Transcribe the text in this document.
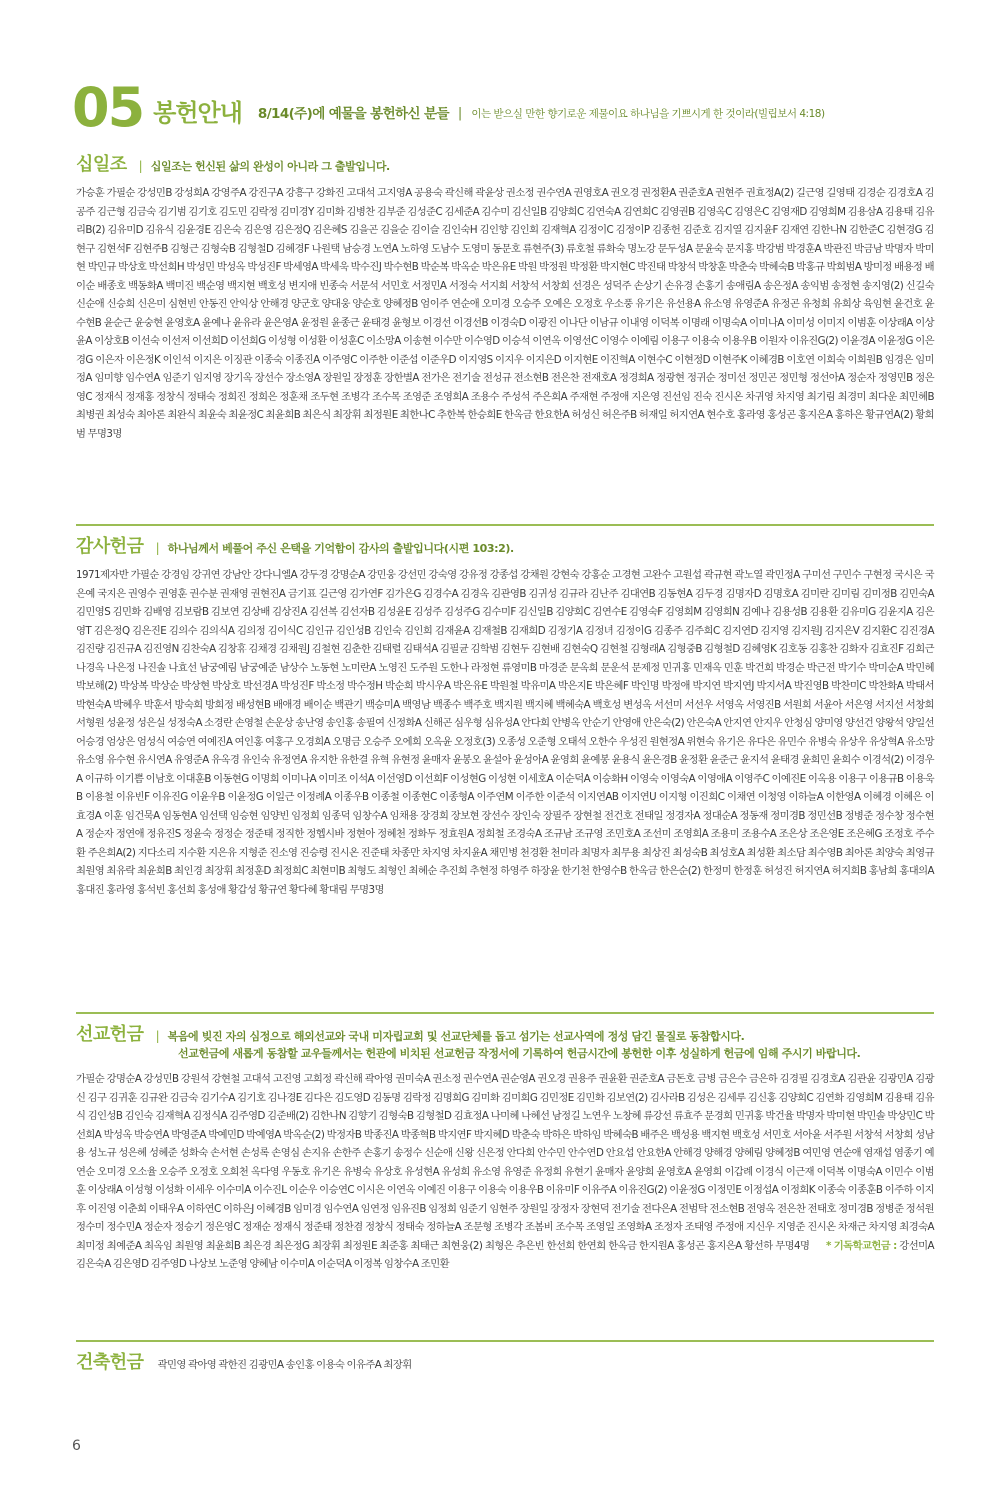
05 봉헌안내 8/14(주)에 예물을 봉헌하신 분들 | 이는 받으실 만한 향기로운 제물이요 하나님을 기쁘시게 한 것이라(빌립보서 4:18)
십일조 | 십일조는 헌신된 삶의 완성이 아니라 그 출발입니다.
가승훈 가필순 강성민B 강성희A 강영주A 강진구A 강흥구 강화진 고대석 고지영A 공용숙 곽신해 곽윤상 권소정 권수연A 권영호A 권오경 권정환A 권준호A 권현주 권효정A(2) 길근영 길영태 김경순 김경호A 김공주 김근형 김금숙 김기범 김기호 김도민 김락정 김미경Y 김미화 김병찬 김부준 김성준C 김세준A 김수미 김신일B 김양희C 김연숙A 김연희C 김영권B 김영옥C 김영은C 김영재D 김영희M 김용삼A 김용태 김유리B(2) 김유미D 김유식 김윤경E 김은숙 김은영 김은정Q 김은혜S 김을곤 김을순 김이슬 김인숙H 김인향 김인회 김재혁A 김정이C 김정이P 김종헌 김준호 김지열 김지윤F 김재연 김한나N 김한준C 김현경G 김현구 김현석F 김현주B 김형근 김형숙B 김형철D 김혜경F 나원택 남승경 노연A 노하영 도남수 도영미 동문호 류현주(3) 류호철 류화숙 명노강 문두성A 문윤숙 문지홍 박강범 박경훈A 박관진 박금남 박명자 박미현 박민규 박상호 박선희H 박성민 박성옥 박성진F 박세영A 박세욱 박수진J 박수현B 박순복 박옥순 박은유E 박원 박정원 박정환 박지현C 박진태 박창석 박창훈 박춘숙 박혜숙B 박홍규 박희범A 방미정 배용정 배이순 배종호 백동화A 백미진 백순영 백지현 백호성 변지애 빈종숙 서문석 서민호 서정민A 서정숙 서지희 서창석 서창희 선경은 성덕주 손상기 손유경 손홍기 송애림A 송은정A 송익범 송정현 송지영(2) 신길숙 신순애 신승희 신은미 심현빈 안동진 안익상 안해경 양군호 양대웅 양순호 양혜정B 엄이주 연순애 오미경 오승주 오예은 오정호 우소풍 유기은 유선용A 유소영 유영준A 유정곤 유청희 유희상 육임현 윤건호 윤수현B 윤순근 윤숭현 윤영호A 윤예나 윤유라 윤은영A 윤정원 윤종근 윤태경 윤형보 이경선 이경선B 이경숙D 이광진 이나단 이남규 이내영 이덕복 이명래 이명숙A 이미나A 이미성 이미지 이범훈 이상래A 이상윤A 이상호B 이선숙 이선저 이선희D 이선희G 이성형 이성환 이성훈C 이소망A 이송현 이수만 이수영D 이승석 이연옥 이영선C 이영수 이예림 이용구 이용숙 이용우B 이원자 이유진G(2) 이윤경A 이윤정G 이은경G 이은자 이은정K 이인석 이지은 이징관 이종숙 이종진A 이주영C 이주한 이준섭 이준우D 이지영S 이지우 이지은D 이지현E 이진혁A 이현수C 이현정D 이현주K 이혜경B 이호연 이희숙 이희원B 임경은 임미정A 임미향 임수연A 임준기 임지영 장기옥 장선수 장소영A 장원일 장정훈 장한별A 전가은 전기술 전성규 전소현B 전은찬 전재호A 정경희A 정광현 정귀순 정미선 정민곤 정민형 정선아A 정순자 정영민B 정은영C 정재식 정재홍 정창식 정태숙 정희진 정희은 정훈채 조두현 조병각 조수목 조영준 조영희A 조용수 주성석 주은희A 주재현 주정애 지은영 진선임 진숙 진시온 차귀영 차지영 최기림 최경미 최다운 최민혜B 최병권 최성숙 최아론 최완식 최윤숙 최윤정C 최윤희B 최은식 최장휘 최정원E 최한나C 추한복 한승희E 한옥금 한요한A 허성신 허은주B 허재일 허지연A 현수호 홍라영 홍성곤 홍지은A 홍하은 황규연A(2) 황희범 무명3명
감사헌금 | 하나님께서 베풀어 주신 은택을 기억함이 감사의 출발입니다(시편 103:2).
1971제자반 가필순 강경임 강귀연 강남안 강다니엘A 강두경 강명순A 강민웅 강선민 강숙영 강유정 강종섭 강채원 강현숙 강홍순 고경현 고완수 고원섭 곽규현 곽노열 곽민정A 구미선 구민수 구현정 국시은 국은예 국지은 권영수 권영훈 권수분 권재영 권현진A 금기표 길근영 김가연F 김가은G 김경수A 김경옥 김관영B 김귀성 김규라 김난주 김대연B 김동현A 김두경 김명자D 김명호A 김미란 김미림 김미정B 김민숙A 김민영S 김민화 김배영 김보람B 김보연 김상배 김상진A 김선복 김선자B 김성윤E 김성주 김성주G 김수미F 김신일B 김양희C 김연수E 김영숙F 김영희M 김영희N 김예나 김용성B 김용환 김유미G 김윤지A 김은영T 김은정Q 김은진E 김의수 김의식A 김의정 김이식C 김인규 김인성B 김인숙 김인희 김재윤A 김재철B 김재희D 김정기A 김정녀 김정이G 김종주 김주희C 김지연D 김지영 김지원J 김지은V 김지환C 김진경A 김진량 김진규A 김진영N 김찬숙A 김창휴 김채경 김채원J 김철현 김춘한 김태렬 김태석A 김필균 김학범 김현두 김현배 김현숙Q 김현철 김형래A 김형중B 김형철D 김혜영K 김호동 김홍찬 김화자 김효진F 김희근 나경옥 나은정 나진솔 나효선 남궁예림 남궁예준 남상수 노동현 노미란A 노영진 도주원 도한나 라정현 류영미B 마경준 문옥희 문운석 문제정 민귀홍 민재옥 민훈 박건희 박경순 박근전 박기수 박미순A 박민혜 박보해(2) 박상복 박상순 박상현 박상호 박선경A 박성진F 박소정 박수정H 박순희 박시우A 박은유E 박원철 박유미A 박은지E 박은혜F 박인명 박정애 박지연 박지연J 박지서A 박진영B 박찬미C 박찬화A 박태서 박현숙A 박혜우 박훈서 방숙희 방희정 배성현B 배애경 배이순 백관기 백승미A 백영남 백종수 백주호 백지원 백지혜 백혜숙A 백호성 변성옥 서선미 서선우 서영옥 서영진B 서원희 서윤아 서은영 서지선 서창희 서형원 성윤정 성은실 성정숙A 소경란 손영철 손운상 송난영 송인홍 송필여 신정화A 신해곤 심우형 심유성A 안다희 안병옥 안순기 안영애 안은숙(2) 안은숙A 안지연 안지우 안청심 양미영 양선건 양왕석 양일선 어승경 엄상은 엄성식 여승연 여예진A 여인홍 여홍구 오경희A 오명금 오승주 오에희 오옥윤 오정호(3) 오종성 오준형 오태석 오한수 우성진 원현정A 위현숙 유기은 유다은 유민수 유병숙 유상우 유상혁A 유소망 유소영 유수현 유시연A 유영준A 유옥경 유인숙 유정연A 유지한 유한결 유혁 유현정 윤매자 윤봉오 윤설아 윤성아A 윤영희 윤예봉 윤용식 윤은경B 윤정환 윤준근 윤지석 윤태경 윤희민 윤희수 이경석(2) 이경우A 이규하 이기쁨 이남호 이대훈B 이동현G 이명희 이미나A 이미조 이석A 이선영D 이선희F 이성현G 이성현 이세호A 이순덕A 이승화H 이영숙 이영숙A 이영애A 이영주C 이예진E 이옥용 이용구 이용규B 이용욱B 이용철 이유빈F 이유진G 이윤우B 이윤정G 이일근 이정례A 이종우B 이종철 이종현C 이종형A 이주연M 이주한 이준석 이지연AB 이지연U 이지형 이진희C 이채연 이청영 이하늘A 이한영A 이혜경 이혜은 이효경A 이훈 임건묵A 임동현A 임선택 임승현 임양빈 임정희 임종덕 임창수A 임채용 장경희 장보현 장선수 장인숙 장필주 장현철 전건호 전태일 정경자A 정대순A 정동재 정미경B 정민선B 정병준 정수창 정수현A 정순자 정연애 정유진S 정윤숙 정정순 정준태 정직한 정헵시바 정현아 정혜천 정화두 정효원A 정희철 조경숙A 조규남 조규영 조민호A 조선미 조영희A 조용미 조용수A 조은상 조은영E 조은혜G 조정호 주수환 주은희A(2) 지다소리 지수환 지은유 지형준 진소영 진승령 진시온 진준태 차종만 차지영 차지윤A 채민병 천경환 천미라 최명자 최무용 최상진 최성숙B 최성호A 최성환 최소담 최수영B 최아론 최양숙 최영규 최원영 최유락 최윤희B 최인경 최장휘 최정훈D 최정희C 최현미B 최형도 최형인 최혜순 추진희 추현정 하영주 하장윤 한기천 한영수B 한옥금 한은순(2) 한정미 한정훈 허성진 허지연A 허지희B 홍남희 홍대의A 홍대진 홍라영 홍석빈 홍선희 홍성애 황갑성 황규연 황다혜 황대림 무명3명
선교헌금 | 복음에 빚진 자의 심정으로 해외선교와 국내 미자립교회 및 선교단체를 돕고 섬기는 선교사역에 정성 담긴 물질로 동참합시다.
선교헌금에 새롭게 동참할 교우들께서는 헌관에 비치된 선교헌금 작정서에 기록하여 헌금시간에 봉헌한 이후 성실하게 헌금에 임해 주시기 바랍니다.
가필순 강명순A 강성민B 강원석 강현철 고대석 고진영 고희정 곽신해 곽아영 권미숙A 권소정 권수연A 권순영A 권오경 권용주 권윤환 권준호A 금돈호 금병 금은수 금은하 김경필 김경호A 김관윤 김광민A 김광신 김구 김귀훈 김규완 김금숙 김기수A 김기호 김나경E 김다은 김도영D 김동명 김락정 김명희G 김미화 김미희G 김민정E 김민화 김보연(2) 김사라B 김성은 김세루 김신홍 김양희C 김연화 김영희M 김용태 김유식 김인성B 김인숙 김재혁A 김정식A 김주영D 김준배(2) 김한나N 김향기 김형숙B 김형철D 김효정A 나미혜 나혜선 남정길 노연우 노창혜 류강선 류효주 문경희 민귀홍 박건율 박명자 박미현 박민솔 박상민C 박선희A 박성옥 박승연A 박영준A 박예민D 박예영A 박옥순(2) 박정자B 박종진A 박종혁B 박지연F 박지혜D 박춘숙 박하은 박하임 박혜숙B 배주은 백성용 백지현 백호성 서민호 서아윤 서주원 서창석 서창희 성남용 성노규 성은혜 성혜준 성화숙 손서현 손성록 손영심 손지유 손한주 손홍기 송정수 신순애 신왕 신은정 안다희 안수민 안수연D 안요섭 안요한A 안해경 양해경 양혜림 양혜정B 여민영 연순애 염재섭 염종기 예연순 오미경 오소율 오승주 오정호 오희천 옥다영 우동호 유기은 유병숙 유상호 유성현A 유성희 유소영 유영준 유정희 유현기 윤매자 윤양희 윤영호A 윤영희 이갑례 이경식 이근재 이덕복 이명숙A 이민수 이범훈 이상래A 이성형 이성화 이세우 이수미A 이수진L 이순우 이승연C 이시은 이연옥 이예진 이용구 이용숙 이용우B 이유미F 이유주A 이유진G(2) 이윤정G 이정민E 이정섭A 이정희K 이종숙 이종훈B 이주하 이지후 이진영 이춘희 이태우A 이하연C 이하은J 이혜경B 임미경 임수연A 임연정 임유진B 임정희 임준기 임현주 장원일 장정자 장현덕 전기술 전다은A 전범탁 전소현B 전영옥 전은찬 전태호 정미경B 정병준 정석원 정수미 정수민A 정순자 정승기 정은영C 정재순 정재식 정준태 정찬겸 정창식 정태숙 정하늘A 조문형 조병각 조봄비 조수목 조영일 조영화A 조정자 조태영 주정애 지신우 지영준 진시온 차재근 차지영 최경숙A 최미정 최예준A 최옥임 최원영 최윤희B 최은경 최은정G 최장휘 최정원E 최준홍 최태근 최현웅(2) 최형은 추은빈 한선희 한연희 한옥금 한지원A 홍성곤 홍지은A 황선하 무명4명 * 기독학교헌금 : 강선미A 김은숙A 김은영D 김주영D 나상보 노준영 양혜남 이수미A 이순덕A 이정복 임창수A 조민환
건축헌금 곽민영 곽아영 곽한진 김광민A 송인홍 이용숙 이유주A 최장휘
6
